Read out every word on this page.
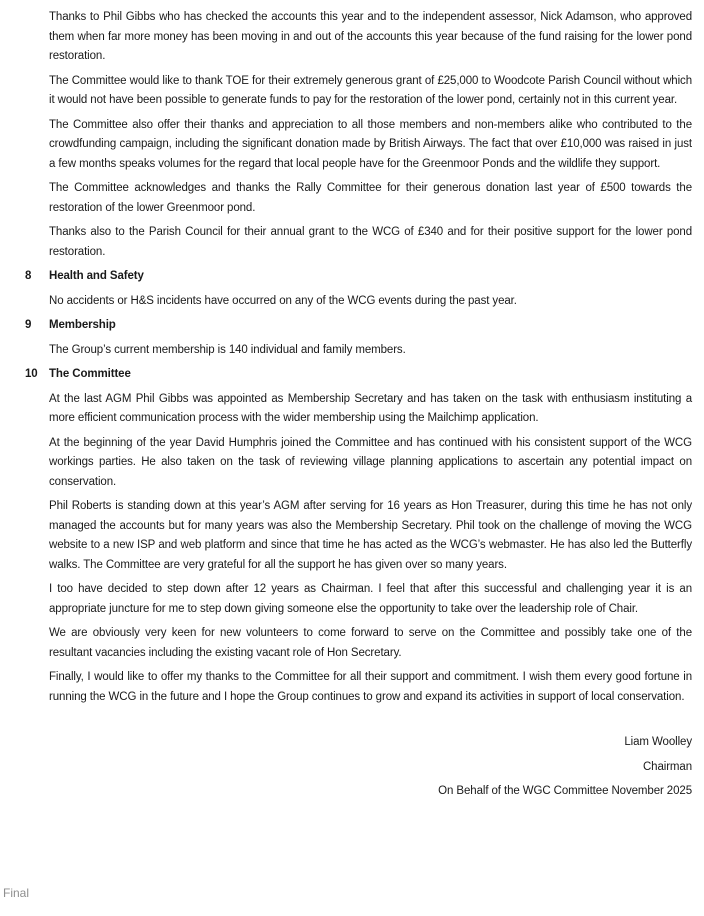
Thanks to Phil Gibbs who has checked the accounts this year and to the independent assessor, Nick Adamson, who approved them when far more money has been moving in and out of the accounts this year because of the fund raising for the lower pond restoration.

The Committee would like to thank TOE for their extremely generous grant of £25,000 to Woodcote Parish Council without which it would not have been possible to generate funds to pay for the restoration of the lower pond, certainly not in this current year.

The Committee also offer their thanks and appreciation to all those members and non-members alike who contributed to the crowdfunding campaign, including the significant donation made by British Airways. The fact that over £10,000 was raised in just a few months speaks volumes for the regard that local people have for the Greenmoor Ponds and the wildlife they support.

The Committee acknowledges and thanks the Rally Committee for their generous donation last year of £500 towards the restoration of the lower Greenmoor pond.

Thanks also to the Parish Council for their annual grant to the WCG of £340 and for their positive support for the lower pond restoration.

8	Health and Safety

No accidents or H&S incidents have occurred on any of the WCG events during the past year.

9	Membership

The Group’s current membership is 140 individual and family members.

10 The Committee

At the last AGM Phil Gibbs was appointed as Membership Secretary and has taken on the task with enthusiasm instituting a more efficient communication process with the wider membership using the Mailchimp application.

At the beginning of the year David Humphris joined the Committee and has continued with his consistent support of the WCG workings parties. He also taken on the task of reviewing village planning applications to ascertain any potential impact on conservation.

Phil Roberts is standing down at this year’s AGM after serving for 16 years as Hon Treasurer, during this time he has not only managed the accounts but for many years was also the Membership Secretary. Phil took on the challenge of moving the WCG website to a new ISP and web platform and since that time he has acted as the WCG’s webmaster. He has also led the Butterfly walks. The Committee are very grateful for all the support he has given over so many years.

I too have decided to step down after 12 years as Chairman. I feel that after this successful and challenging year it is an appropriate juncture for me to step down giving someone else the opportunity to take over the leadership role of Chair.

We are obviously very keen for new volunteers to come forward to serve on the Committee and possibly take one of the resultant vacancies including the existing vacant role of Hon Secretary.

Finally, I would like to offer my thanks to the Committee for all their support and commitment. I wish them every good fortune in running the WCG in the future and I hope the Group continues to grow and expand its activities in support of local conservation.

Liam Woolley

Chairman

On Behalf of the WGC Committee November 2025

Final
